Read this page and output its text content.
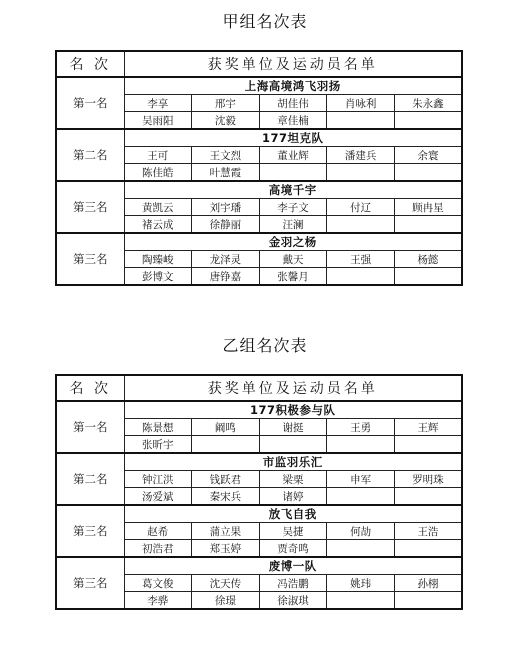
甲组名次表
名 次	获奖单位及运动员名单				
第一名	上海高境鸿飞羽扬				
	李享	邢宇	胡佳伟	肖咏利	朱永鑫
	吴雨阳	沈毅	章佳楠		
第二名	177坦克队				
	王可	王文烈	董业辉	潘建兵	余寰
	陈佳皓	叶慧霞			
第三名	高境千宇				
	黄凯云	刘宇璠	李子文	付辽	顾冉星
	褚云成	徐静丽	汪澜		
第三名	金羽之杨				
	陶臻峻	龙泽灵	戴天	王强	杨懿
	彭博文	唐铮嘉	张馨月		
乙组名次表
名 次	获奖单位及运动员名单				
第一名	177积极参与队				
	陈景想	阚鸣	谢挺	王勇	王辉
	张昕宇				
第二名	市监羽乐汇				
	钟江洪	钱跃君	梁栗	申军	罗明珠
	汤爱斌	秦宋兵	诸婷		
第三名	放飞自我				
	赵希	蒲立果	吴捷	何劼	王浩
	初浩君	郑玉婷	贾奇鸣		
第三名	废博一队				
	葛文俊	沈天传	冯浩鹏	姚玮	孙栩
	李骅	徐璟	徐淑琪		
